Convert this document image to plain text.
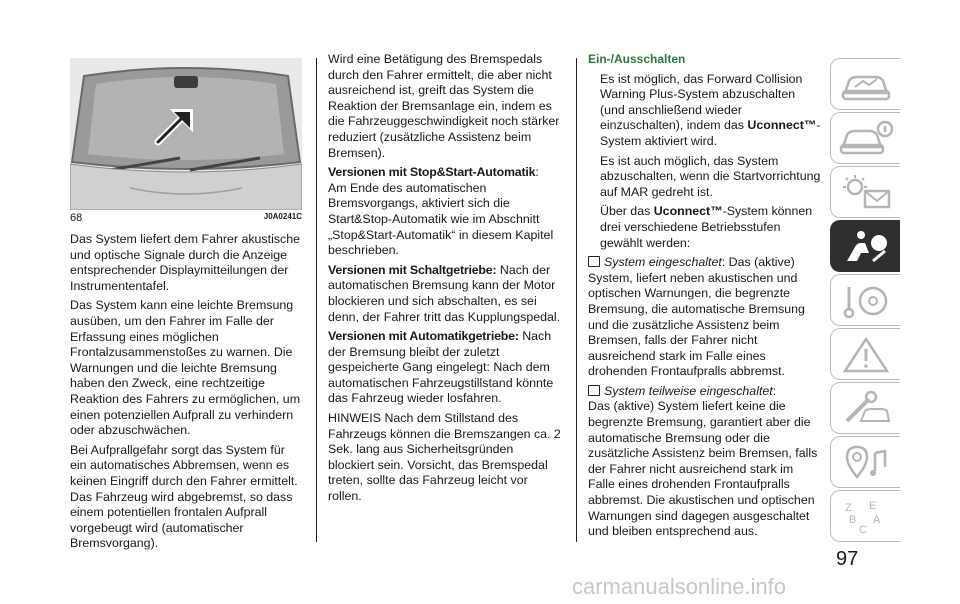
68	J0A0241C

Das System liefert dem Fahrer akustische und optische Signale durch die Anzeige entsprechender Displaymitteilungen der Instrumententafel.

Das System kann eine leichte Bremsung ausüben, um den Fahrer im Falle der Erfassung eines möglichen Frontalzusammenstoßes zu warnen. Die Warnungen und die leichte Bremsung haben den Zweck, eine rechtzeitige Reaktion des Fahrers zu ermöglichen, um einen potenziellen Aufprall zu verhindern oder abzuschwächen.

Bei Aufprallgefahr sorgt das System für ein automatisches Abbremsen, wenn es keinen Eingriff durch den Fahrer ermittelt. Das Fahrzeug wird abgebremst, so dass einem potentiellen frontalen Aufprall vorgebeugt wird (automatischer Bremsvorgang).

Wird eine Betätigung des Bremspedals durch den Fahrer ermittelt, die aber nicht ausreichend ist, greift das System die Reaktion der Bremsanlage ein, indem es die Fahrzeuggeschwindigkeit noch stärker reduziert (zusätzliche Assistenz beim Bremsen).

Versionen mit Stop&Start-Automatik:

Am Ende des automatischen Bremsvorgangs, aktiviert sich die Start&Stop-Automatik wie im Abschnitt „Stop&Start-Automatik“ in diesem Kapitel beschrieben.

Versionen mit Schaltgetriebe: Nach der automatischen Bremsung kann der Motor blockieren und sich abschalten, es sei denn, der Fahrer tritt das Kupplungspedal.

Versionen mit Automatikgetriebe: Nach der Bremsung bleibt der zuletzt gespeicherte Gang eingelegt: Nach dem automatischen Fahrzeugstillstand könnte das Fahrzeug wieder losfahren.

HINWEIS Nach dem Stillstand des Fahrzeugs können die Bremszangen ca. 2 Sek. lang aus Sicherheitsgründen blockiert sein. Vorsicht, das Bremspedal treten, sollte das Fahrzeug leicht vor rollen.

Ein-/Ausschalten

Es ist möglich, das Forward Collision Warning Plus-System abzuschalten (und anschließend wieder einzuschalten), indem das Uconnect™-System aktiviert wird.

Es ist auch möglich, das System abzuschalten, wenn die Startvorrichtung auf MAR gedreht ist.

Über das Uconnect™-System können drei verschiedene Betriebsstufen gewählt werden:

System eingeschaltet: Das (aktive) System, liefert neben akustischen und optischen Warnungen, die begrenzte Bremsung, die automatische Bremsung und die zusätzliche Assistenz beim Bremsen, falls der Fahrer nicht ausreichend stark im Falle eines drohenden Frontaufpralls abbremst.

System teilweise eingeschaltet:

Das (aktive) System liefert keine die begrenzte Bremsung, garantiert aber die automatische Bremsung oder die zusätzliche Assistenz beim Bremsen, falls der Fahrer nicht ausreichend stark im Falle eines drohenden Frontaufpralls abbremst. Die akustischen und optischen Warnungen sind dagegen ausgeschaltet und bleiben entsprechend aus.

Z E
B A
C
97
carmanualsonline.info
